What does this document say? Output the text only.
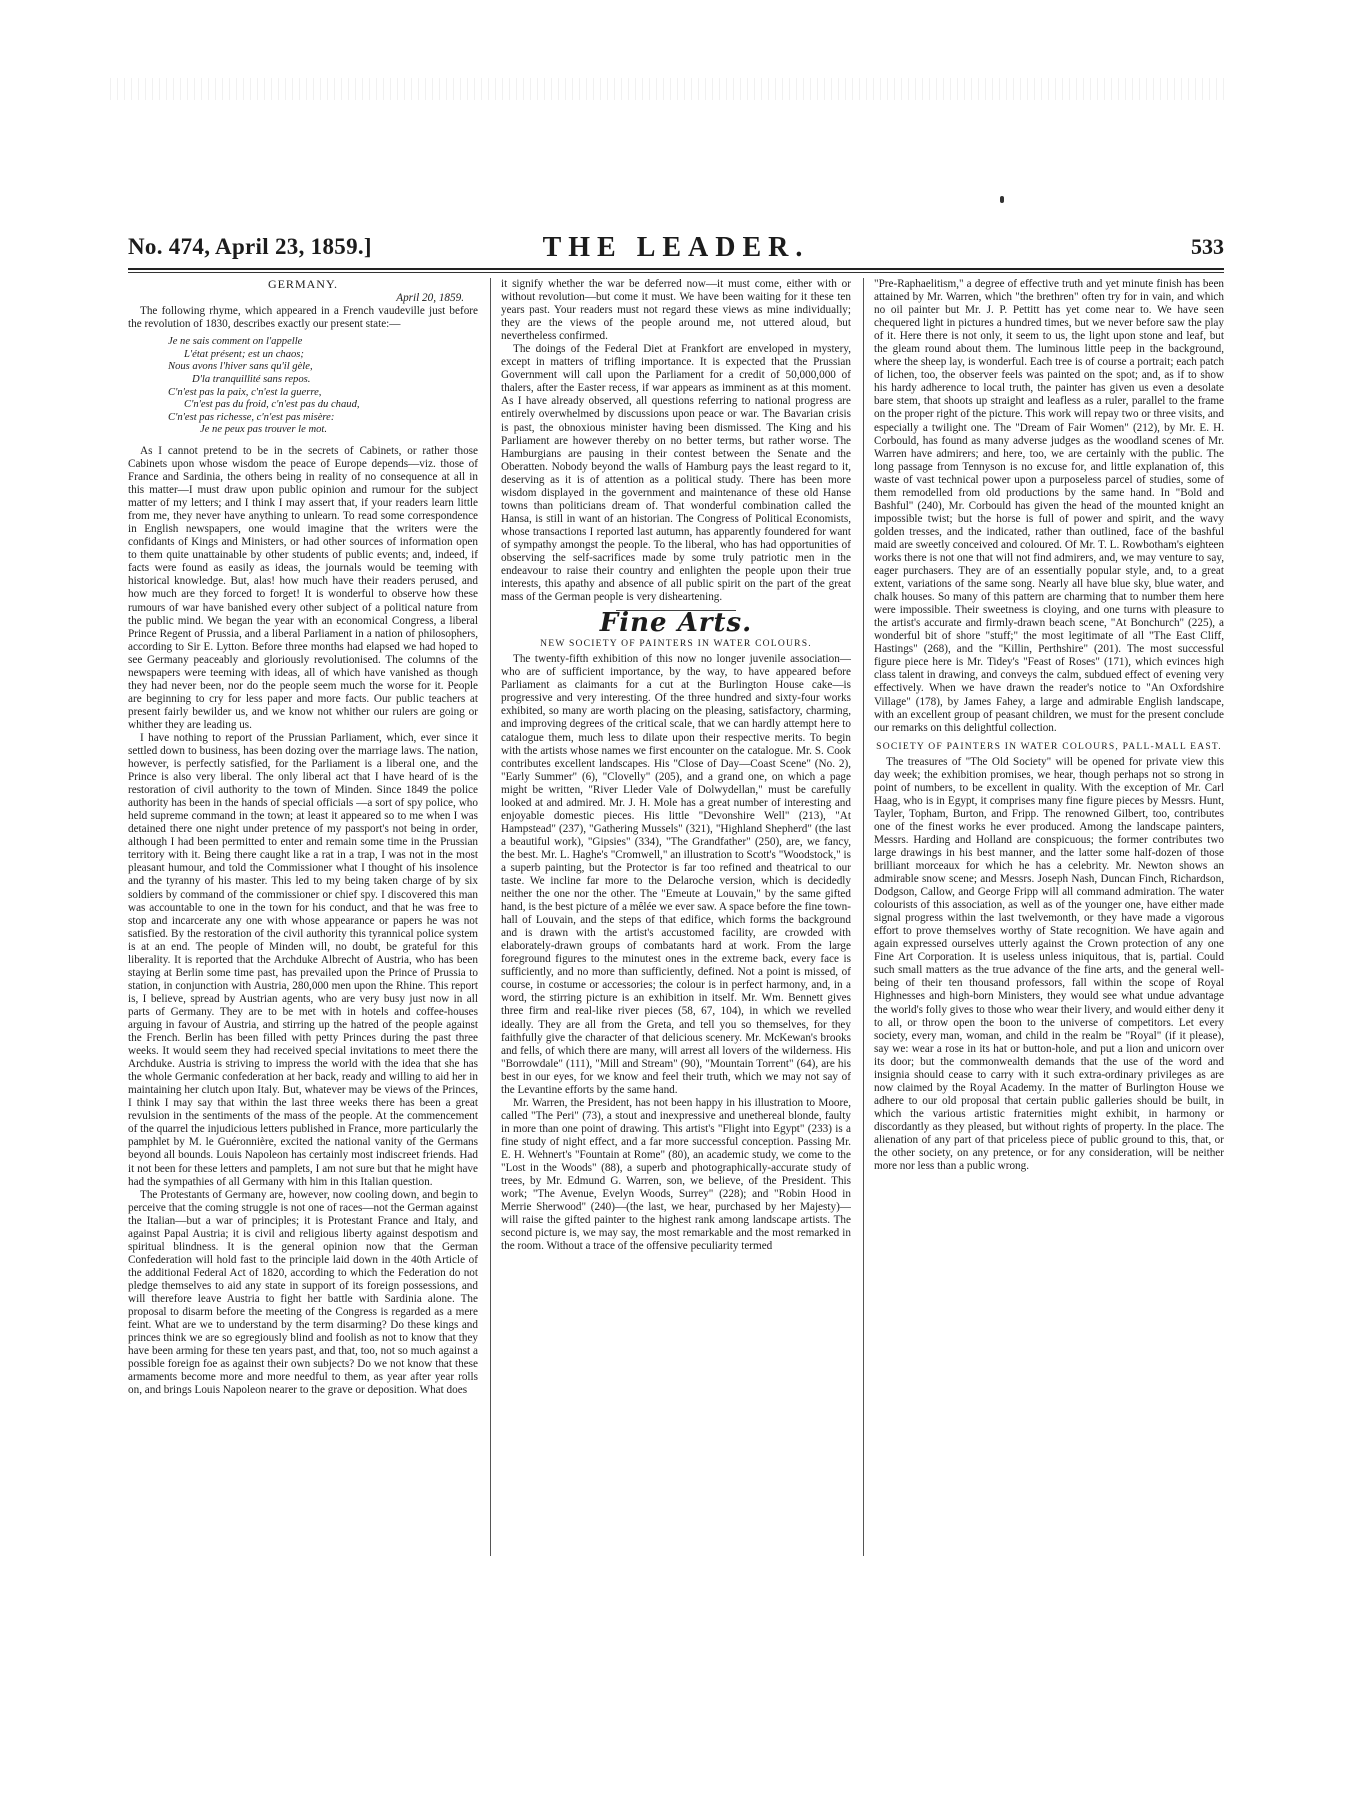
No. 474, April 23, 1859.]	THE LEADER.	533
GERMANY.
April 20, 1859.

The following rhyme, which appeared in a French vaudeville just before the revolution of 1830, describes exactly our present state:—

Je ne sais comment on l'appelle
L'état présent; est un chaos;
Nous avons l'hiver sans qu'il gèle,
D'la tranquillité sans repos.
C'n'est pas la paix, c'n'est la guerre,
C'n'est pas du froid, c'n'est pas du chaud,
C'n'est pas richesse, c'n'est pas misère:
Je ne peux pas trouver le mot.

As I cannot pretend to be in the secrets of Cabinets, or rather those Cabinets upon whose wisdom the peace of Europe depends—viz. those of France and Sardinia, the others being in reality of no consequence at all in this matter—I must draw upon public opinion and rumour for the subject matter of my letters; and I think I may assert that, if your readers learn little from me, they never have anything to unlearn. To read some correspondence in English newspapers, one would imagine that the writers were the confidants of Kings and Ministers, or had other sources of information open to them quite unattainable by other students of public events; and, indeed, if facts were found as easily as ideas, the journals would be teeming with historical knowledge. But, alas! how much have their readers perused, and how much are they forced to forget! It is wonderful to observe how these rumours of war have banished every other subject of a political nature from the public mind. We began the year with an economical Congress, a liberal Prince Regent of Prussia, and a liberal Parliament in a nation of philosophers, according to Sir E. Lytton. Before three months had elapsed we had hoped to see Germany peaceably and gloriously revolutionised. The columns of the newspapers were teeming with ideas, all of which have vanished as though they had never been, nor do the people seem much the worse for it. People are beginning to cry for less paper and more facts. Our public teachers at present fairly bewilder us, and we know not whither our rulers are going or whither they are leading us.

I have nothing to report of the Prussian Parliament, which, ever since it settled down to business, has been dozing over the marriage laws. The nation, however, is perfectly satisfied, for the Parliament is a liberal one, and the Prince is also very liberal. The only liberal act that I have heard of is the restoration of civil authority to the town of Minden. Since 1849 the police authority has been in the hands of special officials —a sort of spy police, who held supreme command in the town; at least it appeared so to me when I was detained there one night under pretence of my passport's not being in order, although I had been permitted to enter and remain some time in the Prussian territory with it. Being there caught like a rat in a trap, I was not in the most pleasant humour, and told the Commissioner what I thought of his insolence and the tyranny of his master. This led to my being taken charge of by six soldiers by command of the commissioner or chief spy. I discovered this man was accountable to one in the town for his conduct, and that he was free to stop and incarcerate any one with whose appearance or papers he was not satisfied. By the restoration of the civil authority this tyrannical police system is at an end. The people of Minden will, no doubt, be grateful for this liberality. It is reported that the Archduke Albrecht of Austria, who has been staying at Berlin some time past, has prevailed upon the Prince of Prussia to station, in conjunction with Austria, 280,000 men upon the Rhine. This report is, I believe, spread by Austrian agents, who are very busy just now in all parts of Germany. They are to be met with in hotels and coffee-houses arguing in favour of Austria, and stirring up the hatred of the people against the French. Berlin has been filled with petty Princes during the past three weeks. It would seem they had received special invitations to meet there the Archduke. Austria is striving to impress the world with the idea that she has the whole Germanic confederation at her back, ready and willing to aid her in maintaining her clutch upon Italy. But, whatever may be views of the Princes, I think I may say that within the last three weeks there has been a great revulsion in the sentiments of the mass of the people. At the commencement of the quarrel the injudicious letters published in France, more particularly the pamphlet by M. le Guéronnière, excited the national vanity of the Germans beyond all bounds. Louis Napoleon has certainly most indiscreet friends. Had it not been for these letters and pamplets, I am not sure but that he might have had the sympathies of all Germany with him in this Italian question.

The Protestants of Germany are, however, now cooling down, and begin to perceive that the coming struggle is not one of races—not the German against the Italian—but a war of principles; it is Protestant France and Italy, and against Papal Austria; it is civil and religious liberty against despotism and spiritual blindness. It is the general opinion now that the German Confederation will hold fast to the principle laid down in the 40th Article of the additional Federal Act of 1820, according to which the Federation do not pledge themselves to aid any state in support of its foreign possessions, and will therefore leave Austria to fight her battle with Sardinia alone. The proposal to disarm before the meeting of the Congress is regarded as a mere feint. What are we to understand by the term disarming? Do these kings and princes think we are so egregiously blind and foolish as not to know that they have been arming for these ten years past, and that, too, not so much against a possible foreign foe as against their own subjects? Do we not know that these armaments become more and more needful to them, as year after year rolls on, and brings Louis Napoleon nearer to the grave or deposition. What does

it signify whether the war be deferred now—it must come, either with or without revolution—but come it must. We have been waiting for it these ten years past. Your readers must not regard these views as mine individually; they are the views of the people around me, not uttered aloud, but nevertheless confirmed.

The doings of the Federal Diet at Frankfort are enveloped in mystery, except in matters of trifling importance. It is expected that the Prussian Government will call upon the Parliament for a credit of 50,000,000 of thalers, after the Easter recess, if war appears as imminent as at this moment. As I have already observed, all questions referring to national progress are entirely overwhelmed by discussions upon peace or war. The Bavarian crisis is past, the obnoxious minister having been dismissed. The King and his Parliament are however thereby on no better terms, but rather worse. The Hamburgians are pausing in their contest between the Senate and the Oberatten. Nobody beyond the walls of Hamburg pays the least regard to it, deserving as it is of attention as a political study. There has been more wisdom displayed in the government and maintenance of these old Hanse towns than politicians dream of. That wonderful combination called the Hansa, is still in want of an historian. The Congress of Political Economists, whose transactions I reported last autumn, has apparently foundered for want of sympathy amongst the people. To the liberal, who has had opportunities of observing the self-sacrifices made by some truly patriotic men in the endeavour to raise their country and enlighten the people upon their true interests, this apathy and absence of all public spirit on the part of the great mass of the German people is very disheartening.

Fine Arts.
NEW SOCIETY OF PAINTERS IN WATER COLOURS.

The twenty-fifth exhibition of this now no longer juvenile association—who are of sufficient importance, by the way, to have appeared before Parliament as claimants for a cut at the Burlington House cake—is progressive and very interesting. Of the three hundred and sixty-four works exhibited, so many are worth placing on the pleasing, satisfactory, charming, and improving degrees of the critical scale, that we can hardly attempt here to catalogue them, much less to dilate upon their respective merits. To begin with the artists whose names we first encounter on the catalogue. Mr. S. Cook contributes excellent landscapes. His "Close of Day—Coast Scene" (No. 2), "Early Summer" (6), "Clovelly" (205), and a grand one, on which a page might be written, "River Lleder Vale of Dolwydellan," must be carefully looked at and admired. Mr. J. H. Mole has a great number of interesting and enjoyable domestic pieces. His little "Devonshire Well" (213), "At Hampstead" (237), "Gathering Mussels" (321), "Highland Shepherd" (the last a beautiful work), "Gipsies" (334), "The Grandfather" (250), are, we fancy, the best. Mr. L. Haghe's "Cromwell," an illustration to Scott's "Woodstock," is a superb painting, but the Protector is far too refined and theatrical to our taste. We incline far more to the Delaroche version, which is decidedly neither the one nor the other. The "Emeute at Louvain," by the same gifted hand, is the best picture of a mêlée we ever saw. A space before the fine town-hall of Louvain, and the steps of that edifice, which forms the background and is drawn with the artist's accustomed facility, are crowded with elaborately-drawn groups of combatants hard at work. From the large foreground figures to the minutest ones in the extreme back, every face is sufficiently, and no more than sufficiently, defined. Not a point is missed, of course, in costume or accessories; the colour is in perfect harmony, and, in a word, the stirring picture is an exhibition in itself. Mr. Wm. Bennett gives three firm and real-like river pieces (58, 67, 104), in which we revelled ideally. They are all from the Greta, and tell you so themselves, for they faithfully give the character of that delicious scenery. Mr. McKewan's brooks and fells, of which there are many, will arrest all lovers of the wilderness. His "Borrowdale" (111), "Mill and Stream" (90), "Mountain Torrent" (64), are his best in our eyes, for we know and feel their truth, which we may not say of the Levantine efforts by the same hand.

Mr. Warren, the President, has not been happy in his illustration to Moore, called "The Peri" (73), a stout and inexpressive and unethereal blonde, faulty in more than one point of drawing. This artist's "Flight into Egypt" (233) is a fine study of night effect, and a far more successful conception. Passing Mr. E. H. Wehnert's "Fountain at Rome" (80), an academic study, we come to the "Lost in the Woods" (88), a superb and photographically-accurate study of trees, by Mr. Edmund G. Warren, son, we believe, of the President. This work; "The Avenue, Evelyn Woods, Surrey" (228); and "Robin Hood in Merrie Sherwood" (240)—(the last, we hear, purchased by her Majesty)—will raise the gifted painter to the highest rank among landscape artists. The second picture is, we may say, the most remarkable and the most remarked in the room. Without a trace of the offensive peculiarity termed

"Pre-Raphaelitism," a degree of effective truth and yet minute finish has been attained by Mr. Warren, which "the brethren" often try for in vain, and which no oil painter but Mr. J. P. Pettitt has yet come near to. We have seen chequered light in pictures a hundred times, but we never before saw the play of it. Here there is not only, it seem to us, the light upon stone and leaf, but the gleam round about them. The luminous little peep in the background, where the sheep lay, is wonderful. Each tree is of course a portrait; each patch of lichen, too, the observer feels was painted on the spot; and, as if to show his hardy adherence to local truth, the painter has given us even a desolate bare stem, that shoots up straight and leafless as a ruler, parallel to the frame on the proper right of the picture. This work will repay two or three visits, and especially a twilight one. The "Dream of Fair Women" (212), by Mr. E. H. Corbould, has found as many adverse judges as the woodland scenes of Mr. Warren have admirers; and here, too, we are certainly with the public. The long passage from Tennyson is no excuse for, and little explanation of, this waste of vast technical power upon a purposeless parcel of studies, some of them remodelled from old productions by the same hand. In "Bold and Bashful" (240), Mr. Corbould has given the head of the mounted knight an impossible twist; but the horse is full of power and spirit, and the wavy golden tresses, and the indicated, rather than outlined, face of the bashful maid are sweetly conceived and coloured. Of Mr. T. L. Rowbotham's eighteen works there is not one that will not find admirers, and, we may venture to say, eager purchasers. They are of an essentially popular style, and, to a great extent, variations of the same song. Nearly all have blue sky, blue water, and chalk houses. So many of this pattern are charming that to number them here were impossible. Their sweetness is cloying, and one turns with pleasure to the artist's accurate and firmly-drawn beach scene, "At Bonchurch" (225), a wonderful bit of shore "stuff;" the most legitimate of all "The East Cliff, Hastings" (268), and the "Killin, Perthshire" (201). The most successful figure piece here is Mr. Tidey's "Feast of Roses" (171), which evinces high class talent in drawing, and conveys the calm, subdued effect of evening very effectively. When we have drawn the reader's notice to "An Oxfordshire Village" (178), by James Fahey, a large and admirable English landscape, with an excellent group of peasant children, we must for the present conclude our remarks on this delightful collection.

SOCIETY OF PAINTERS IN WATER COLOURS, PALL-MALL EAST.

The treasures of "The Old Society" will be opened for private view this day week; the exhibition promises, we hear, though perhaps not so strong in point of numbers, to be excellent in quality. With the exception of Mr. Carl Haag, who is in Egypt, it comprises many fine figure pieces by Messrs. Hunt, Tayler, Topham, Burton, and Fripp. The renowned Gilbert, too, contributes one of the finest works he ever produced. Among the landscape painters, Messrs. Harding and Holland are conspicuous; the former contributes two large drawings in his best manner, and the latter some half-dozen of those brilliant morceaux for which he has a celebrity. Mr. Newton shows an admirable snow scene; and Messrs. Joseph Nash, Duncan Finch, Richardson, Dodgson, Callow, and George Fripp will all command admiration. The water colourists of this association, as well as of the younger one, have either made signal progress within the last twelvemonth, or they have made a vigorous effort to prove themselves worthy of State recognition. We have again and again expressed ourselves utterly against the Crown protection of any one Fine Art Corporation. It is useless unless iniquitous, that is, partial. Could such small matters as the true advance of the fine arts, and the general well-being of their ten thousand professors, fall within the scope of Royal Highnesses and high-born Ministers, they would see what undue advantage the world's folly gives to those who wear their livery, and would either deny it to all, or throw open the boon to the universe of competitors. Let every society, every man, woman, and child in the realm be "Royal" (if it please), say we: wear a rose in its hat or button-hole, and put a lion and unicorn over its door; but the commonwealth demands that the use of the word and insignia should cease to carry with it such extra-ordinary privileges as are now claimed by the Royal Academy. In the matter of Burlington House we adhere to our old proposal that certain public galleries should be built, in which the various artistic fraternities might exhibit, in harmony or discordantly as they pleased, but without rights of property. In the place. The alienation of any part of that priceless piece of public ground to this, that, or the other society, on any pretence, or for any consideration, will be neither more nor less than a public wrong.
